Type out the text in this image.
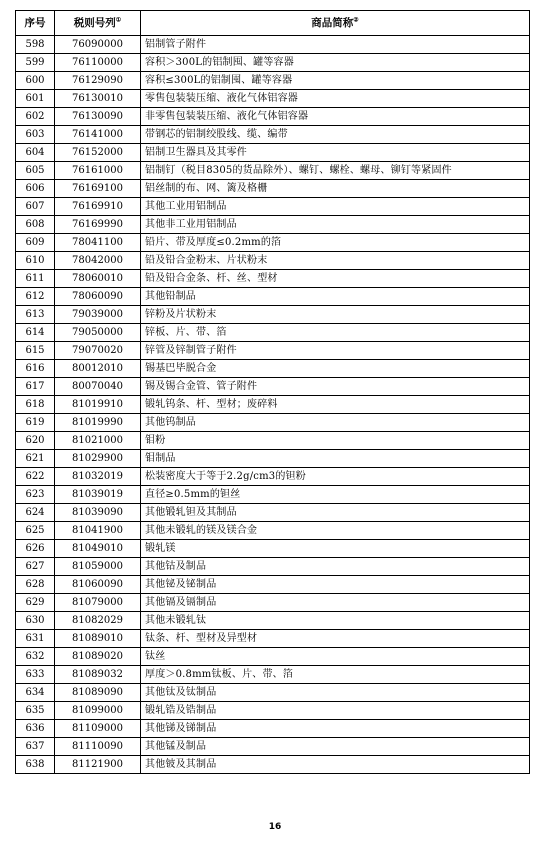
序号	税则号列①	商品简称②
598	76090000	铝制管子附件
599	76110000	容积＞300L的铝制囤、罐等容器
600	76129090	容积≤300L的铝制囤、罐等容器
601	76130010	零售包装装压缩、液化气体铝容器
602	76130090	非零售包装装压缩、液化气体铝容器
603	76141000	带钢芯的铝制绞股线、缆、编带
604	76152000	铝制卫生器具及其零件
605	76161000	铝制钉（税目8305的货品除外）、螺钉、螺栓、螺母、铆钉等紧固件
606	76169100	铝丝制的布、网、篱及格栅
607	76169910	其他工业用铝制品
608	76169990	其他非工业用铝制品
609	78041100	铅片、带及厚度≤0.2mm的箔
610	78042000	铅及铅合金粉末、片状粉末
611	78060010	铅及铅合金条、杆、丝、型材
612	78060090	其他铅制品
613	79039000	锌粉及片状粉末
614	79050000	锌板、片、带、箔
615	79070020	锌管及锌制管子附件
616	80012010	锡基巴毕脱合金
617	80070040	锡及锡合金管、管子附件
618	81019910	锻轧钨条、杆、型材；废碎料
619	81019990	其他钨制品
620	81021000	钼粉
621	81029900	钼制品
622	81032019	松装密度大于等于2.2g/cm3的钽粉
623	81039019	直径≥0.5mm的钽丝
624	81039090	其他锻轧钽及其制品
625	81041900	其他未锻轧的镁及镁合金
626	81049010	锻轧镁
627	81059000	其他钴及制品
628	81060090	其他铋及铋制品
629	81079000	其他镉及镉制品
630	81082029	其他未锻轧钛
631	81089010	钛条、杆、型材及异型材
632	81089020	钛丝
633	81089032	厚度＞0.8mm钛板、片、带、箔
634	81089090	其他钛及钛制品
635	81099000	锻轧锆及锆制品
636	81109000	其他锑及锑制品
637	81110090	其他锰及制品
638	81121900	其他铍及其制品
16
